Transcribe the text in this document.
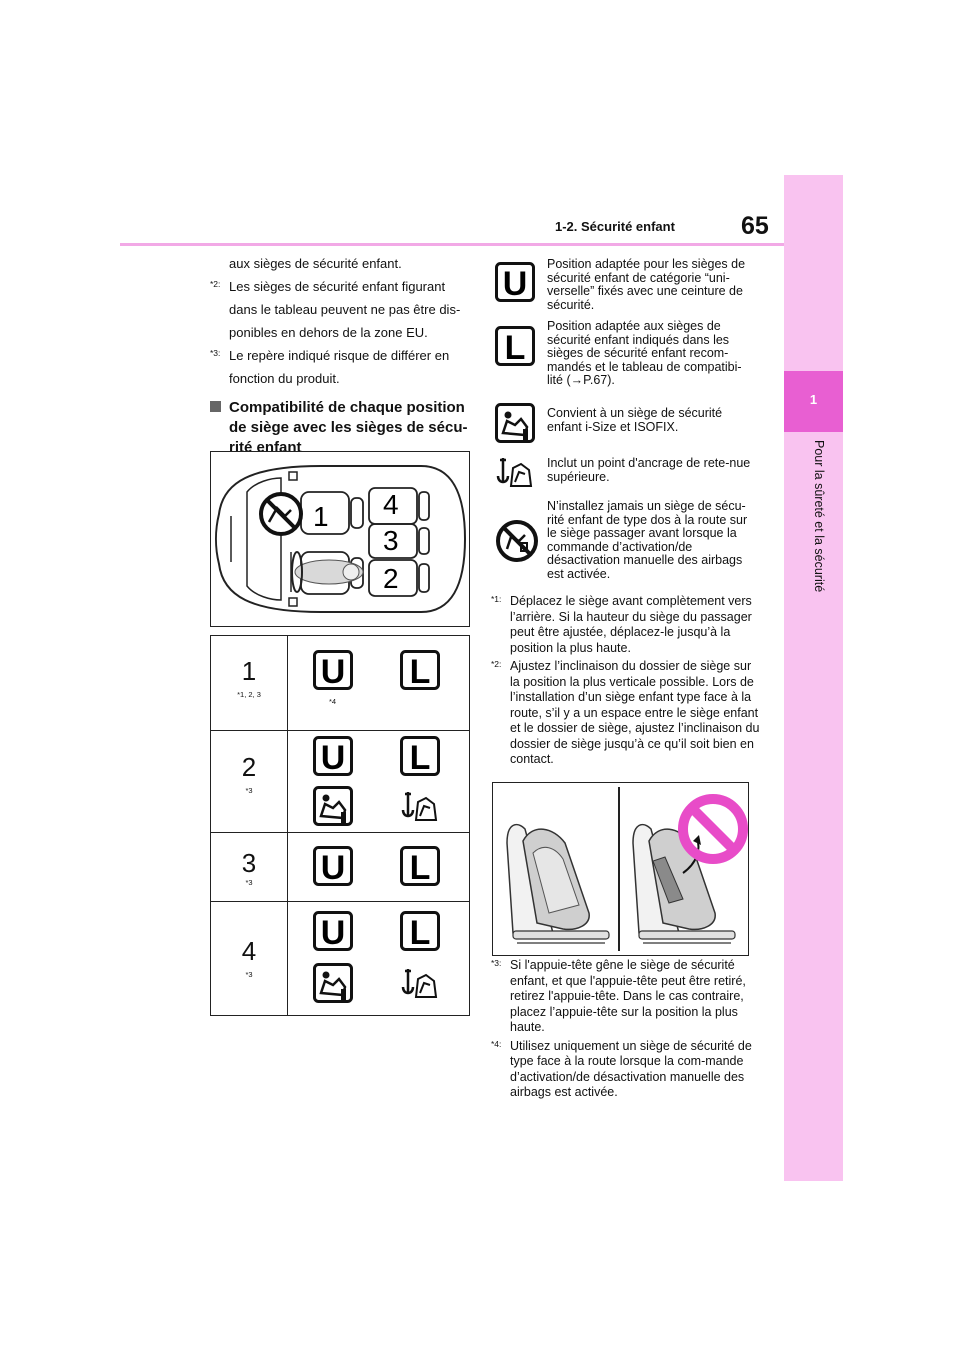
65
1-2. Sécurité enfant
1
Pour la sûreté et la sécurité
aux sièges de sécurité enfant.
*2: Les sièges de sécurité enfant figurant dans le tableau peuvent ne pas être dis-ponibles en dehors de la zone EU.
*3: Le repère indiqué risque de différer en fonction du produit.
Compatibilité de chaque position de siège avec les sièges de sécu-rité enfant
1 4
3
2
1
*1, 2, 3
U
*4
L
2
*3
U L
3
*3	U L
4
*3
U L
U
Position adaptée pour les sièges de sécurité enfant de catégorie “uni-verselle” fixés avec une ceinture de sécurité.
L
Position adaptée aux sièges de sécurité enfant indiqués dans les sièges de sécurité enfant recom-mandés et le tableau de compatibi-lité (→P.67).
Convient à un siège de sécurité enfant i-Size et ISOFIX.
Inclut un point d'ancrage de rete-nue supérieure.
N’installez jamais un siège de sécu-rité enfant de type dos à la route sur le siège passager avant lorsque la commande d’activation/de désactivation manuelle des airbags est activée.
*1: Déplacez le siège avant complètement vers l’arrière. Si la hauteur du siège du passager peut être ajustée, déplacez-le jusqu’à la position la plus haute.
*2: Ajustez l’inclinaison du dossier de siège sur la position la plus verticale possible. Lors de l’installation d’un siège enfant type face à la route, s’il y a un espace entre le siège enfant et le dossier de siège, ajustez l’inclinaison du dossier de siège jusqu’à ce qu’il soit bien en contact.
*3: Si l'appuie-tête gêne le siège de sécurité enfant, et que l'appuie-tête peut être retiré, retirez l'appuie-tête. Dans le cas contraire, placez l’appuie-tête sur la position la plus haute.
*4: Utilisez uniquement un siège de sécurité de type face à la route lorsque la com-mande d’activation/de désactivation manuelle des airbags est activée.
